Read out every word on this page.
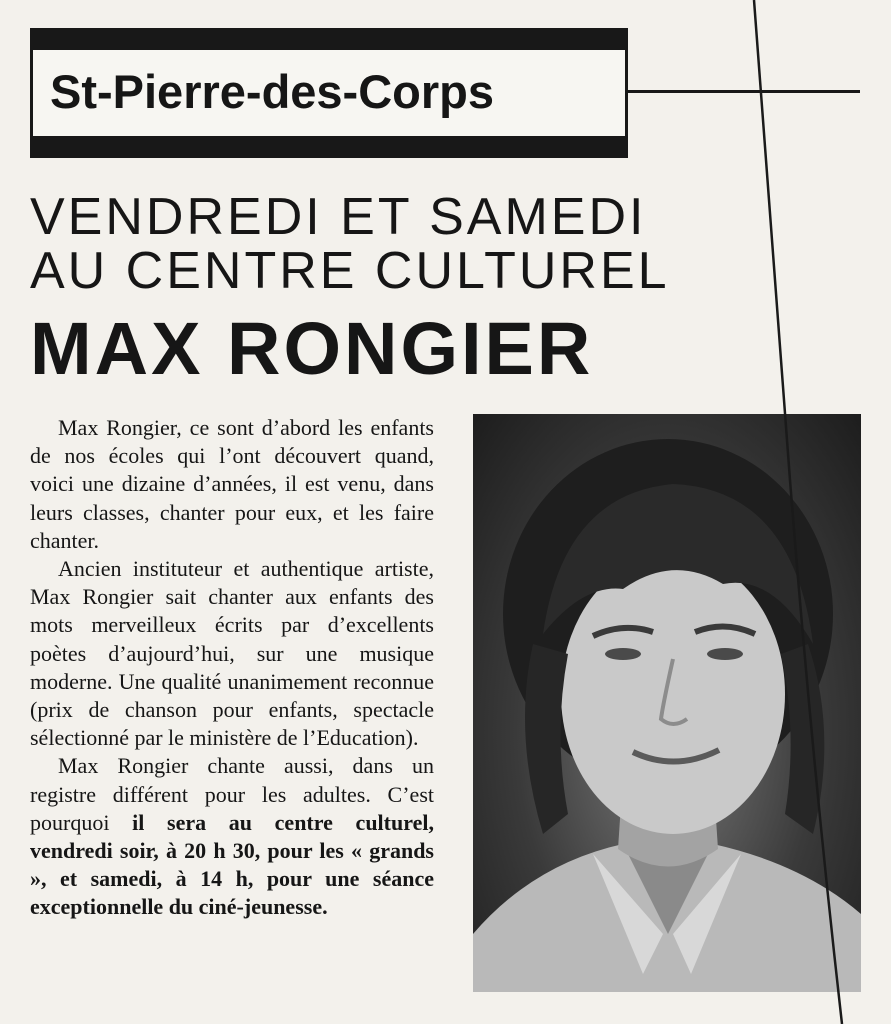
St-Pierre-des-Corps
VENDREDI ET SAMEDI
AU CENTRE CULTUREL
MAX RONGIER

Max Rongier, ce sont d’abord les enfants de nos écoles qui l’ont découvert quand, voici une dizaine d’années, il est venu, dans leurs classes, chanter pour eux, et les faire chanter.

Ancien instituteur et authentique artiste, Max Rongier sait chanter aux enfants des mots merveilleux écrits par d’excellents poètes d’aujourd’hui, sur une musique moderne. Une qualité unanimement reconnue (prix de chanson pour enfants, spectacle sélectionné par le ministère de l’Education).

Max Rongier chante aussi, dans un registre différent pour les adultes. C’est pourquoi il sera au centre culturel, vendredi soir, à 20 h 30, pour les « grands », et samedi, à 14 h, pour une séance exceptionnelle du ciné-jeunesse.
